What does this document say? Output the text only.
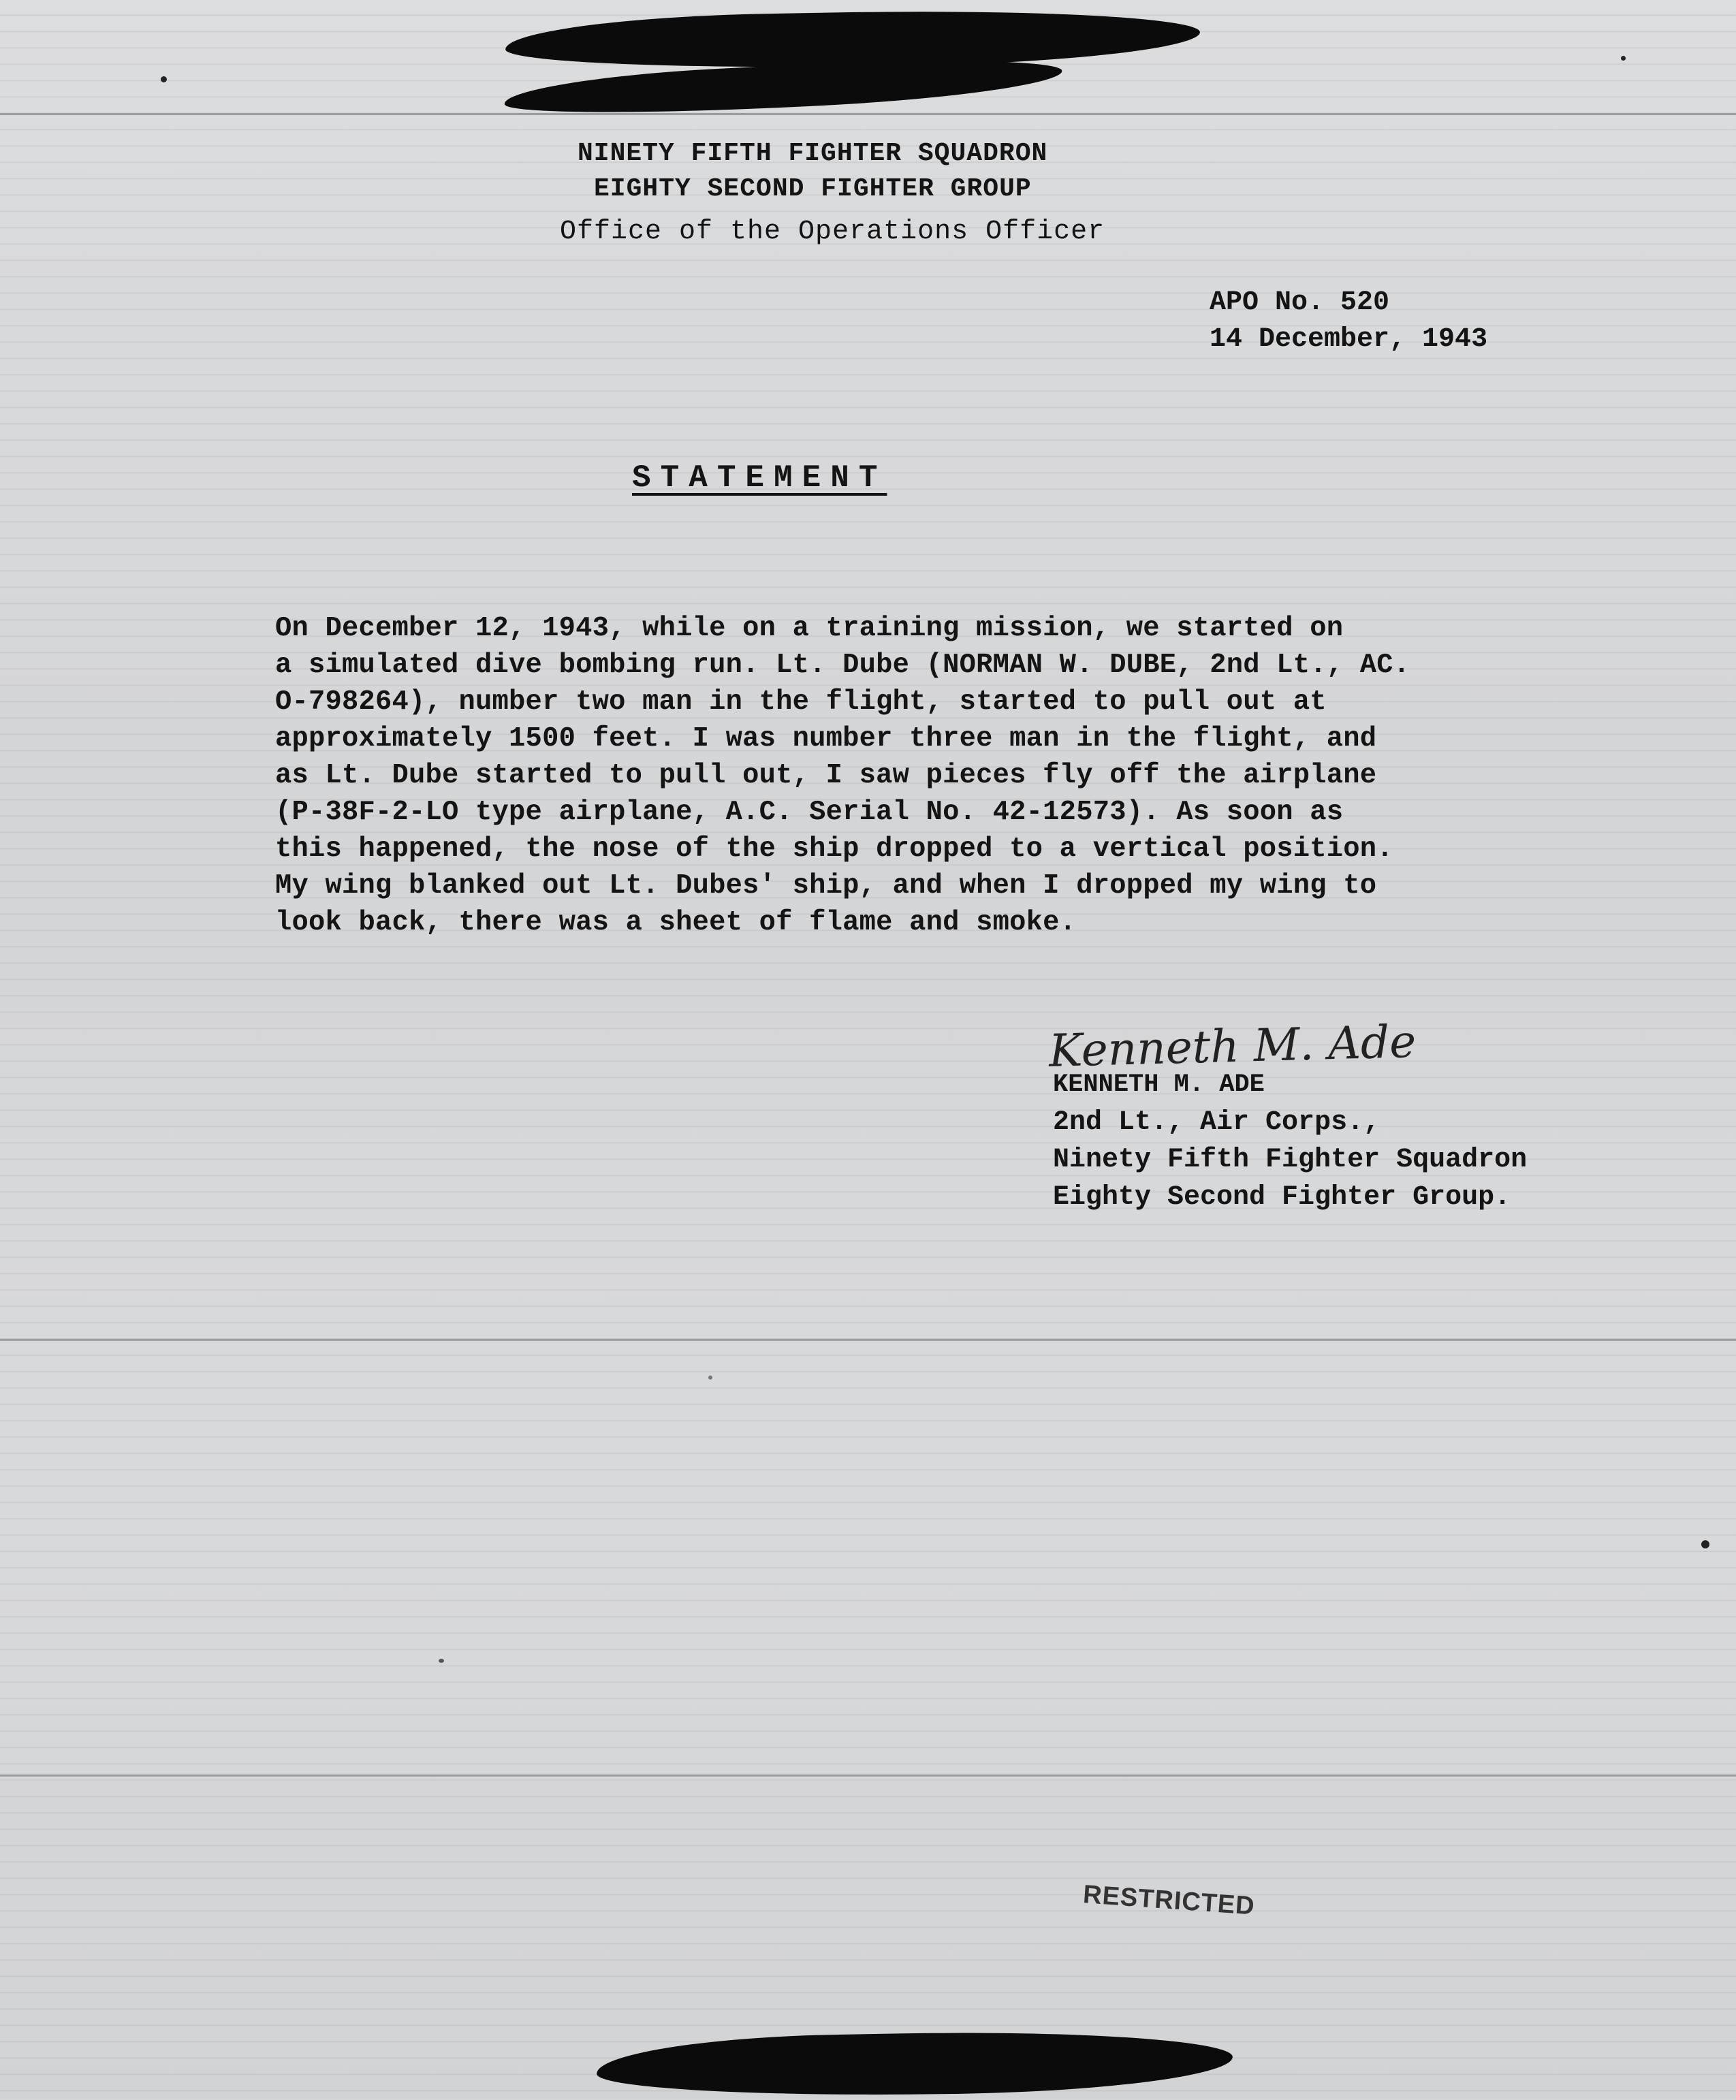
NINETY FIFTH FIGHTER SQUADRON
EIGHTY SECOND FIGHTER GROUP
Office of the Operations Officer
APO No. 520
14 December, 1943
STATEMENT
On December 12, 1943, while on a training mission, we started on
a simulated dive bombing run. Lt. Dube (NORMAN W. DUBE, 2nd Lt., AC.
O-798264), number two man in the flight, started to pull out at
approximately 1500 feet. I was number three man in the flight, and
as Lt. Dube started to pull out, I saw pieces fly off the airplane
(P-38F-2-LO type airplane, A.C. Serial No. 42-12573). As soon as
this happened, the nose of the ship dropped to a vertical position.
My wing blanked out Lt. Dubes' ship, and when I dropped my wing to
look back, there was a sheet of flame and smoke.
Kenneth M. Ade
KENNETH M. ADE
2nd Lt., Air Corps.,
Ninety Fifth Fighter Squadron
Eighty Second Fighter Group.
RESTRICTED
